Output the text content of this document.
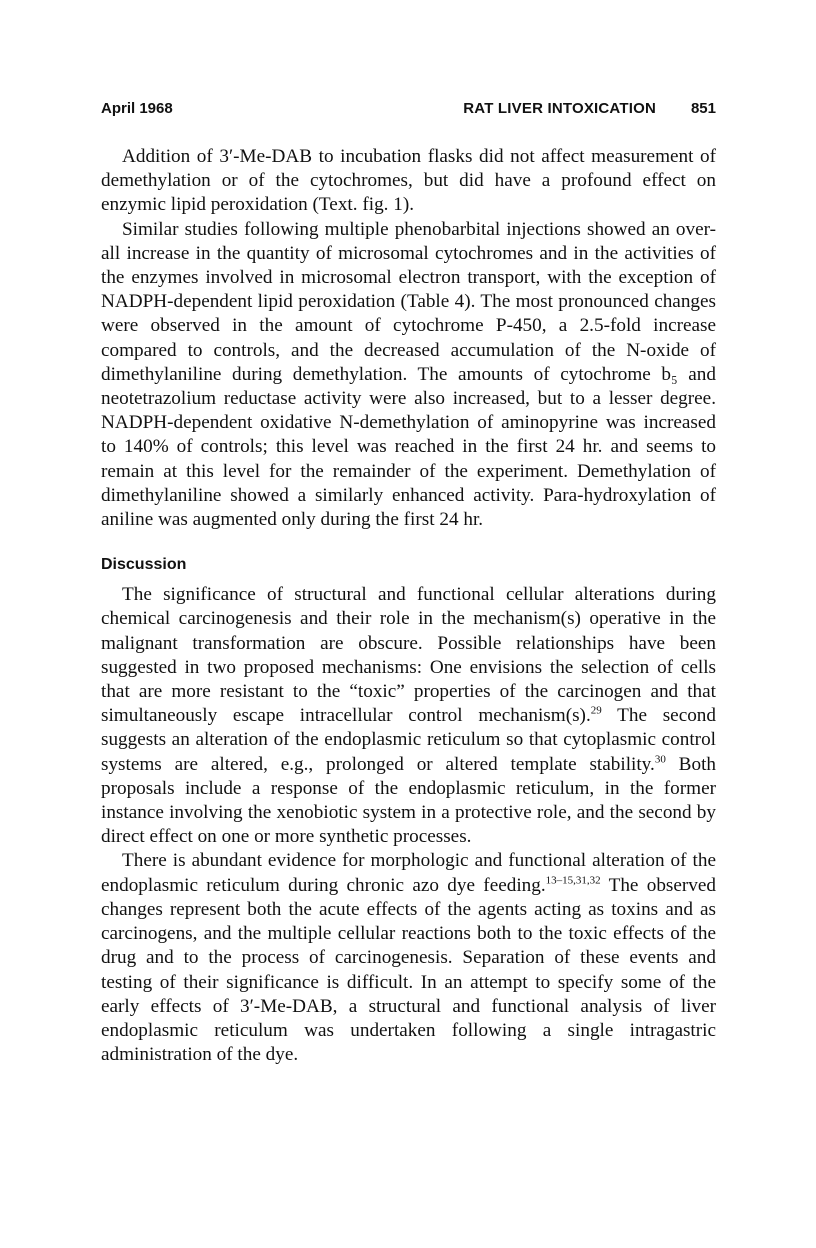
April 1968	RAT LIVER INTOXICATION 851

Addition of 3′-Me-DAB to incubation flasks did not affect measurement of demethylation or of the cytochromes, but did have a profound effect on enzymic lipid peroxidation (Text. fig. 1).

Similar studies following multiple phenobarbital injections showed an over-all increase in the quantity of microsomal cytochromes and in the activities of the enzymes involved in microsomal electron transport, with the exception of NADPH-dependent lipid peroxidation (Table 4). The most pronounced changes were observed in the amount of cytochrome P-450, a 2.5-fold increase compared to controls, and the decreased accumulation of the N-oxide of dimethylaniline during demethylation. The amounts of cytochrome b₅ and neotetrazolium reductase activity were also increased, but to a lesser degree. NADPH-dependent oxidative N-demethylation of aminopyrine was increased to 140% of controls; this level was reached in the first 24 hr. and seems to remain at this level for the remainder of the experiment. Demethylation of dimethylaniline showed a similarly enhanced activity. Para-hydroxylation of aniline was augmented only during the first 24 hr.

Discussion

The significance of structural and functional cellular alterations during chemical carcinogenesis and their role in the mechanism(s) operative in the malignant transformation are obscure. Possible relationships have been suggested in two proposed mechanisms: One envisions the selection of cells that are more resistant to the “toxic” properties of the carcinogen and that simultaneously escape intracellular control mechanism(s).$^{29}$ The second suggests an alteration of the endoplasmic reticulum so that cytoplasmic control systems are altered, e.g., prolonged or altered template stability.$^{30}$ Both proposals include a response of the endoplasmic reticulum, in the former instance involving the xenobiotic system in a protective role, and the second by direct effect on one or more synthetic processes.

There is abundant evidence for morphologic and functional alteration of the endoplasmic reticulum during chronic azo dye feeding.$^{13-15,31,32}$ The observed changes represent both the acute effects of the agents acting as toxins and as carcinogens, and the multiple cellular reactions both to the toxic effects of the drug and to the process of carcinogenesis. Separation of these events and testing of their significance is difficult. In an attempt to specify some of the early effects of 3′-Me-DAB, a structural and functional analysis of liver endoplasmic reticulum was undertaken following a single intragastric administration of the dye.
